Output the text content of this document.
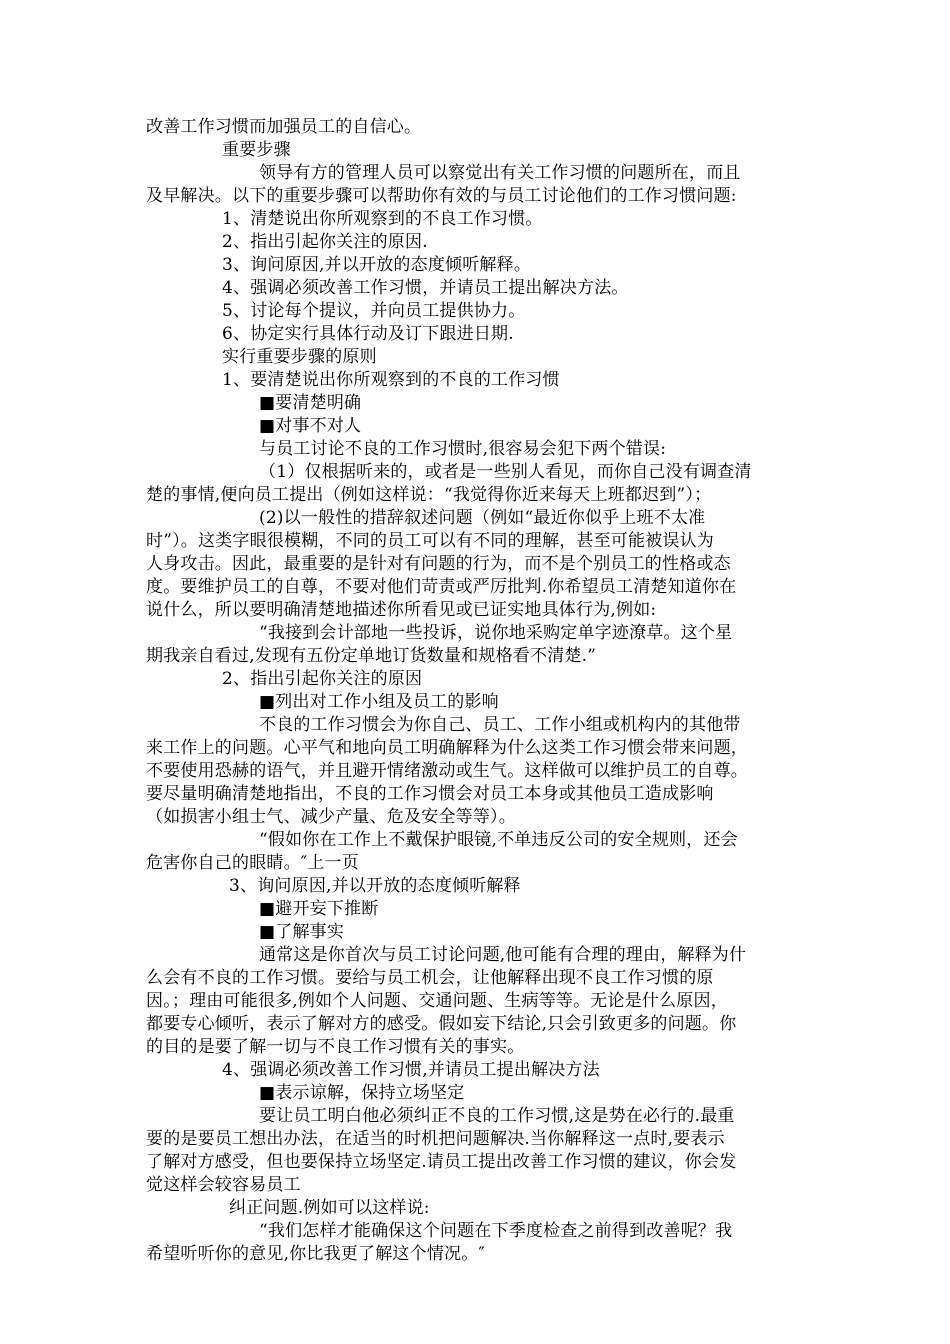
改善工作习惯而加强员工的自信心。
重要步骤
领导有方的管理人员可以察觉出有关工作习惯的问题所在，而且
及早解决。以下的重要步骤可以帮助你有效的与员工讨论他们的工作习惯问题:
1、清楚说出你所观察到的不良工作习惯。
2、指出引起你关注的原因.
3、询问原因,并以开放的态度倾听解释。
4、强调必须改善工作习惯，并请员工提出解决方法。
5、讨论每个提议，并向员工提供协力。
6、协定实行具体行动及订下跟进日期.
实行重要步骤的原则
1、要清楚说出你所观察到的不良的工作习惯
■要清楚明确
■对事不对人
与员工讨论不良的工作习惯时,很容易会犯下两个错误:
（1）仅根据听来的，或者是一些别人看见，而你自己没有调查清
楚的事情,便向员工提出（例如这样说：“我觉得你近来每天上班都迟到”）；
(2)以一般性的措辞叙述问题（例如“最近你似乎上班不太准
时”）。这类字眼很模糊，不同的员工可以有不同的理解，甚至可能被误认为
人身攻击。因此，最重要的是针对有问题的行为，而不是个别员工的性格或态
度。要维护员工的自尊，不要对他们苛责或严厉批判.你希望员工清楚知道你在
说什么，所以要明确清楚地描述你所看见或已证实地具体行为,例如:
“我接到会计部地一些投诉，说你地采购定单字迹潦草。这个星
期我亲自看过,发现有五份定单地订货数量和规格看不清楚.”
2、指出引起你关注的原因
■列出对工作小组及员工的影响
不良的工作习惯会为你自己、员工、工作小组或机构内的其他带
来工作上的问题。心平气和地向员工明确解释为什么这类工作习惯会带来问题，
不要使用恐赫的语气，并且避开情绪激动或生气。这样做可以维护员工的自尊。
要尽量明确清楚地指出，不良的工作习惯会对员工本身或其他员工造成影响
（如损害小组士气、减少产量、危及安全等等）。
“假如你在工作上不戴保护眼镜,不单违反公司的安全规则，还会
危害你自己的眼睛。″上一页
3、询问原因,并以开放的态度倾听解释
■避开妄下推断
■了解事实
通常这是你首次与员工讨论问题,他可能有合理的理由，解释为什
么会有不良的工作习惯。要给与员工机会，让他解释出现不良工作习惯的原
因。；理由可能很多,例如个人问题、交通问题、生病等等。无论是什么原因，
都要专心倾听，表示了解对方的感受。假如妄下结论,只会引致更多的问题。你
的目的是要了解一切与不良工作习惯有关的事实。
4、强调必须改善工作习惯,并请员工提出解决方法
■表示谅解，保持立场坚定
要让员工明白他必须纠正不良的工作习惯,这是势在必行的.最重
要的是要员工想出办法，在适当的时机把问题解决.当你解释这一点时,要表示
了解对方感受，但也要保持立场坚定.请员工提出改善工作习惯的建议，你会发
觉这样会较容易员工
纠正问题.例如可以这样说:
“我们怎样才能确保这个问题在下季度检查之前得到改善呢？我
希望听听你的意见,你比我更了解这个情况。″
